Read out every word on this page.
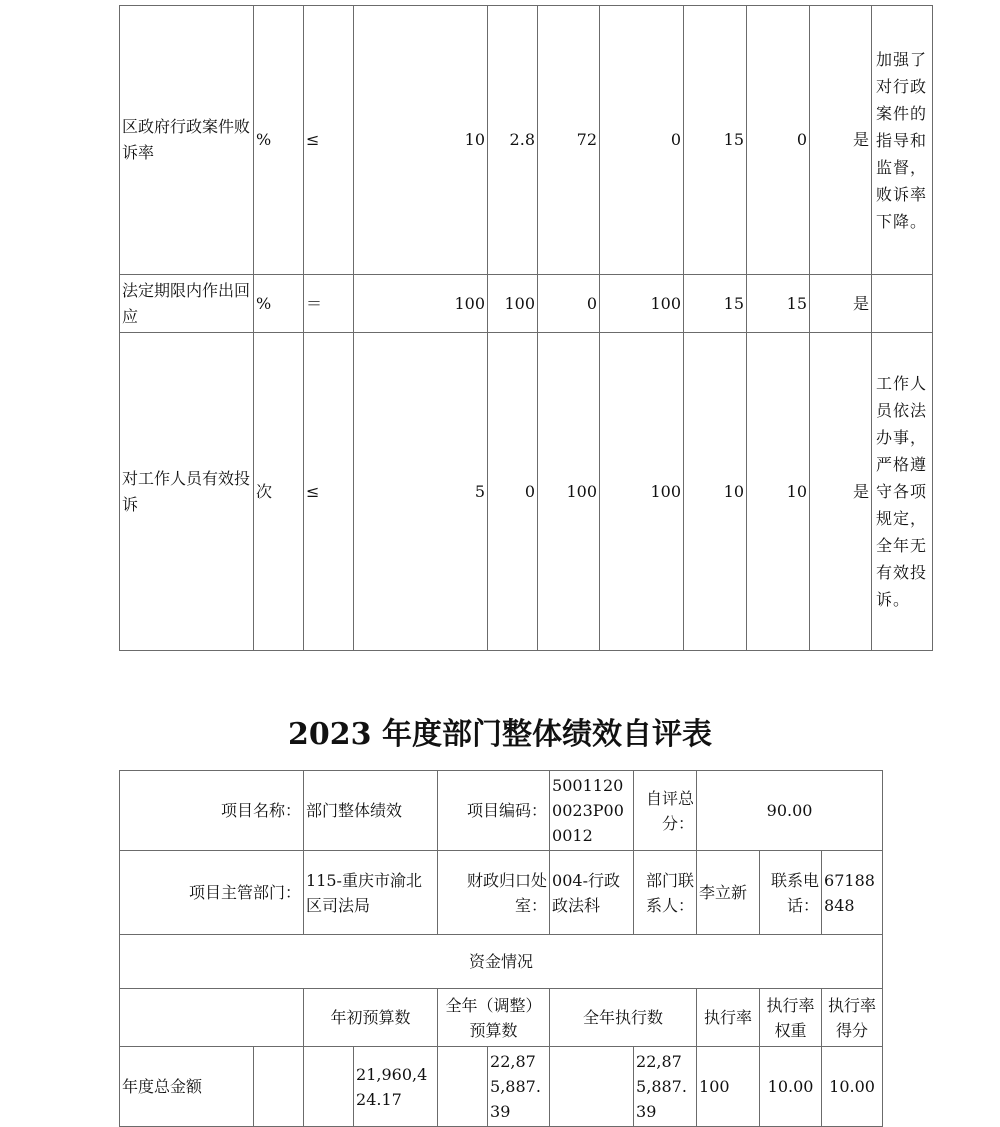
区政府行政案件败诉率	%	≤	10	2.8	72	0	15	0	是	加强了对行政案件的指导和监督，败诉率下降。
法定期限内作出回应	%	＝	100	100	0	100	15	15	是	
对工作人员有效投诉	次	≤	5	0	100	100	10	10	是	工作人员依法办事，严格遵守各项规定，全年无有效投诉。
2023 年度部门整体绩效自评表
项目名称：		部门整体绩效		项目编码：		50011200023P000012	自评总分：	90.00		
项目主管部门：		115-重庆市渝北区司法局		财政归口处室：		004-行政政法科	部门联系人：	李立新	联系电话：	67188848
资金情况										
		年初预算数		全年（调整）预算数		全年执行数		执行率	执行率权重	执行率得分
年度总金额			21,960,424.17		22,875,887.39		22,875,887.39	100	10.00	10.00
